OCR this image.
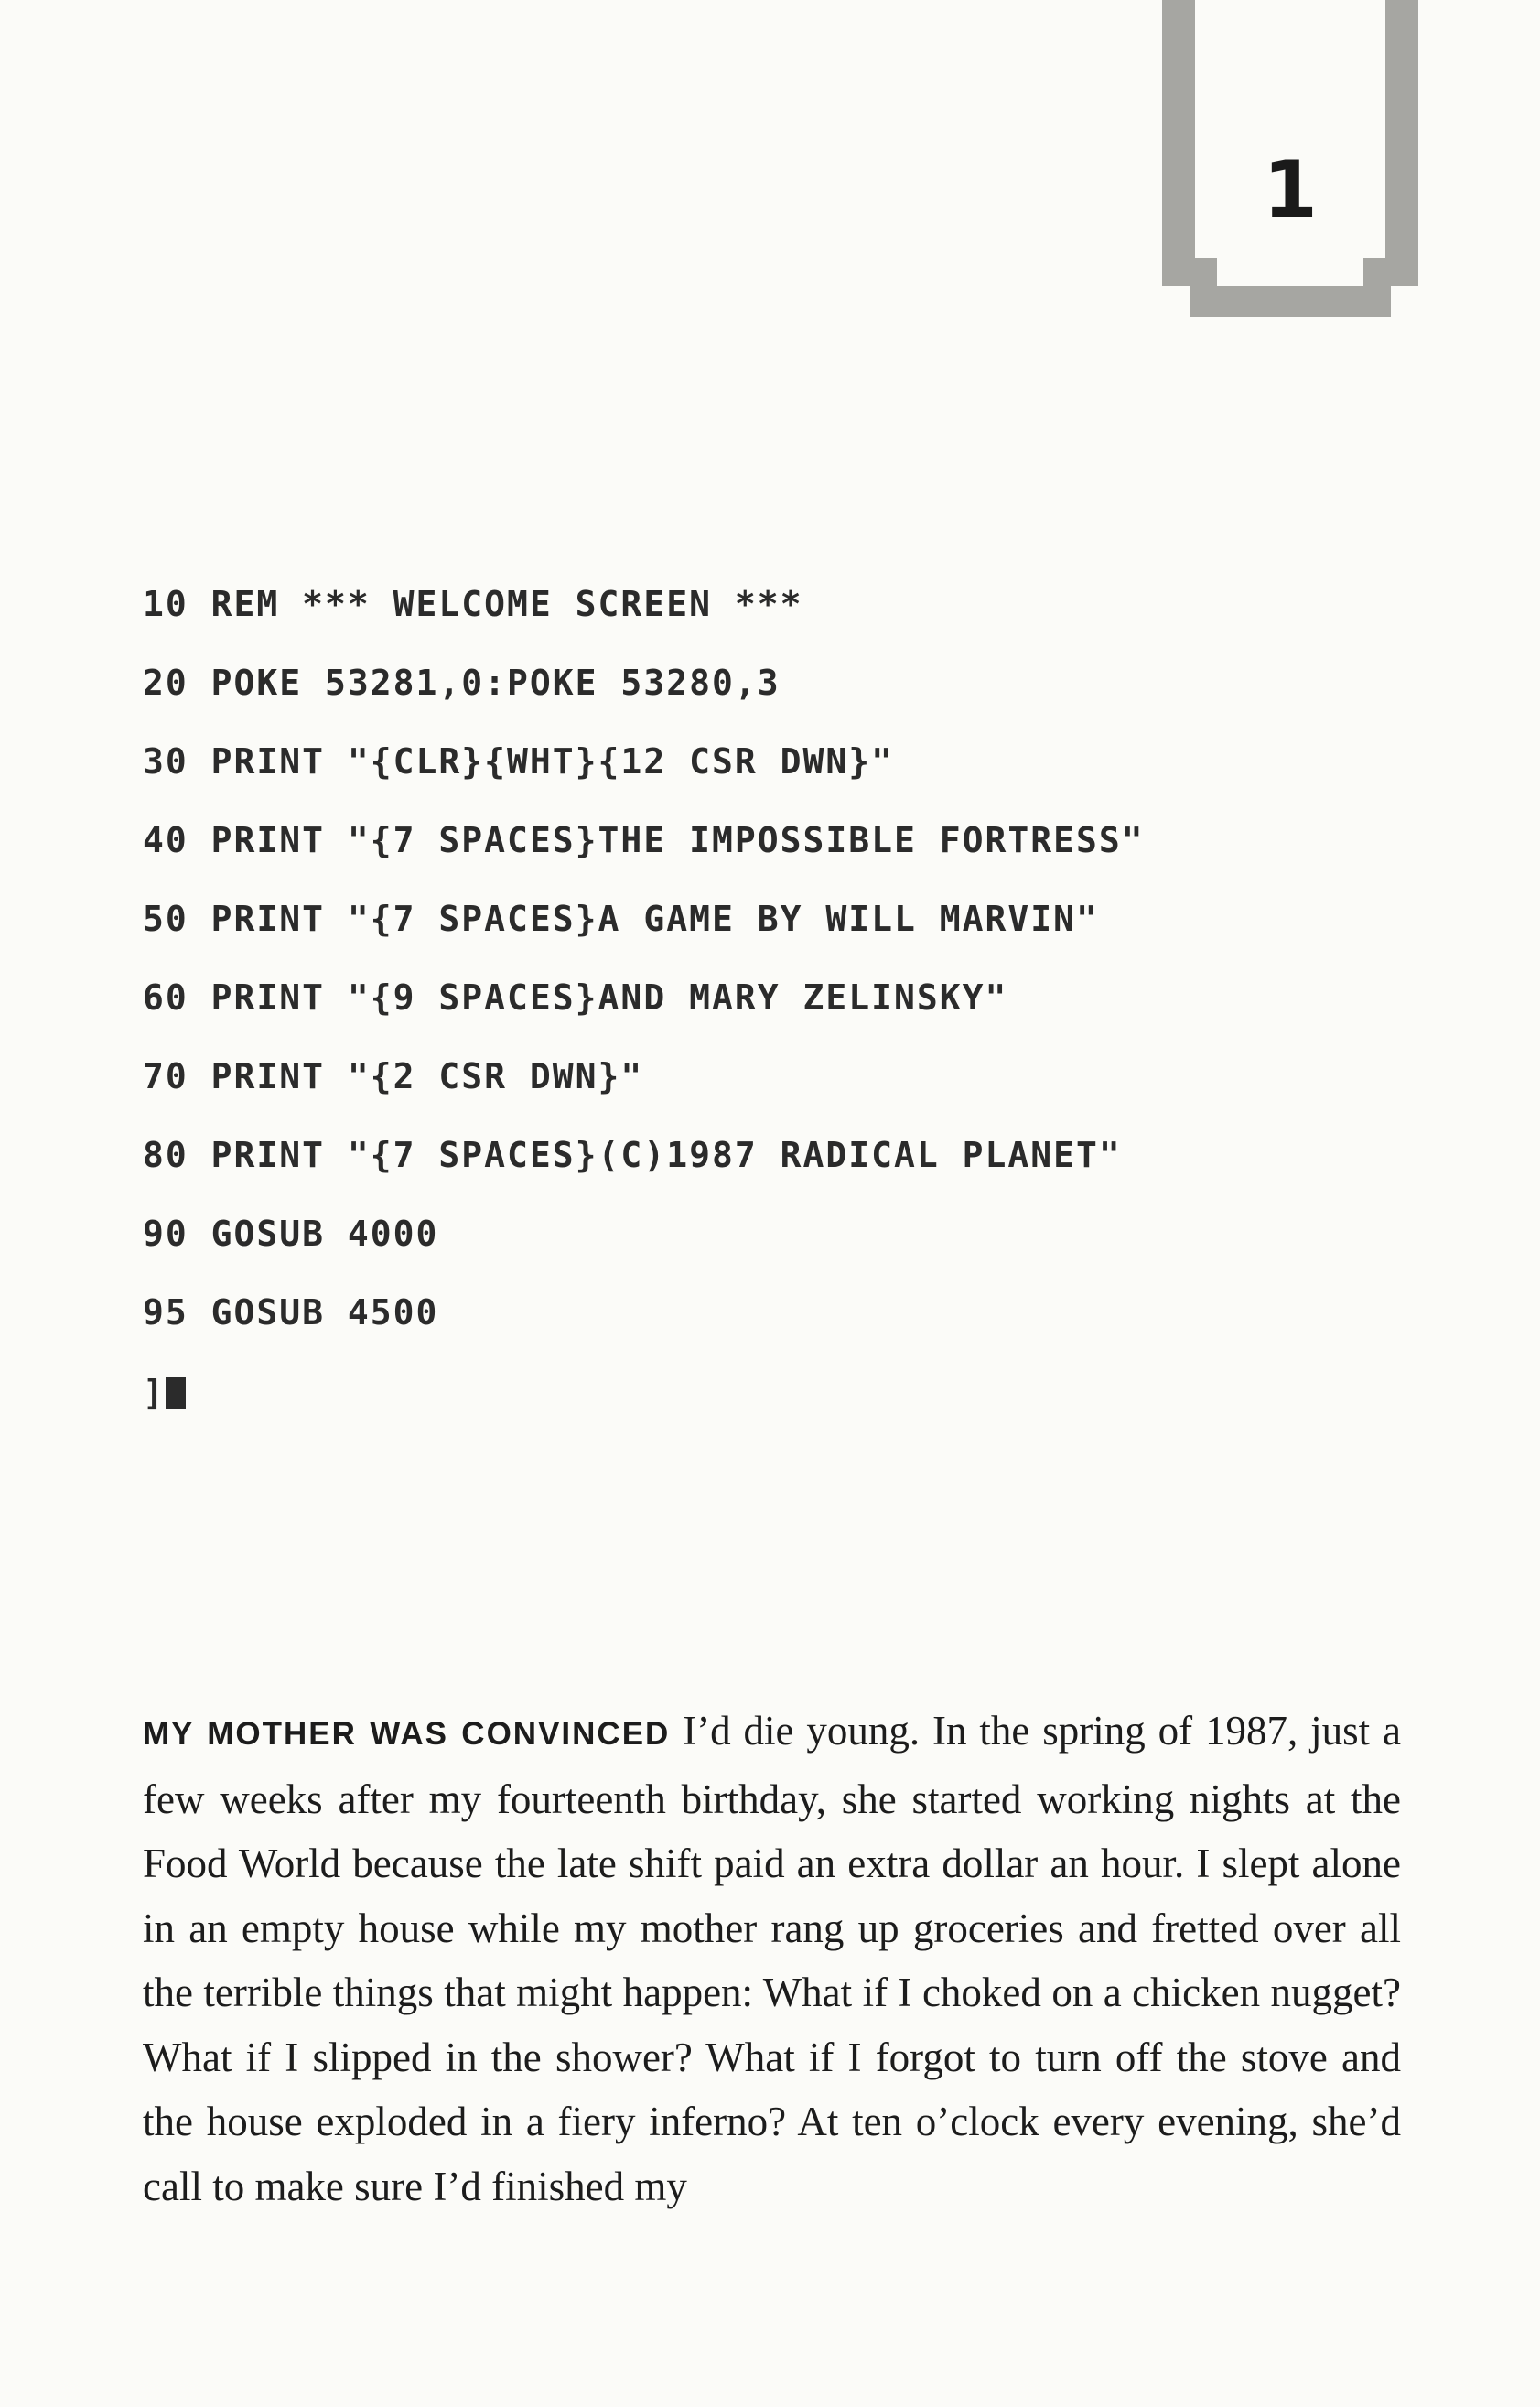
1
10 REM *** WELCOME SCREEN ***
20 POKE 53281,0:POKE 53280,3
30 PRINT "{CLR}{WHT}{12 CSR DWN}"
40 PRINT "{7 SPACES}THE IMPOSSIBLE FORTRESS"
50 PRINT "{7 SPACES}A GAME BY WILL MARVIN"
60 PRINT "{9 SPACES}AND MARY ZELINSKY"
70 PRINT "{2 CSR DWN}"
80 PRINT "{7 SPACES}(C)1987 RADICAL PLANET"
90 GOSUB 4000
95 GOSUB 4500
]

MY MOTHER WAS CONVINCED I’d die young. In the spring of 1987, just a few weeks after my fourteenth birthday, she started working nights at the Food World because the late shift paid an extra dollar an hour. I slept alone in an empty house while my mother rang up groceries and fretted over all the terrible things that might happen: What if I choked on a chicken nugget? What if I slipped in the shower? What if I forgot to turn off the stove and the house exploded in a fiery inferno? At ten o’clock every evening, she’d call to make sure I’d finished my
